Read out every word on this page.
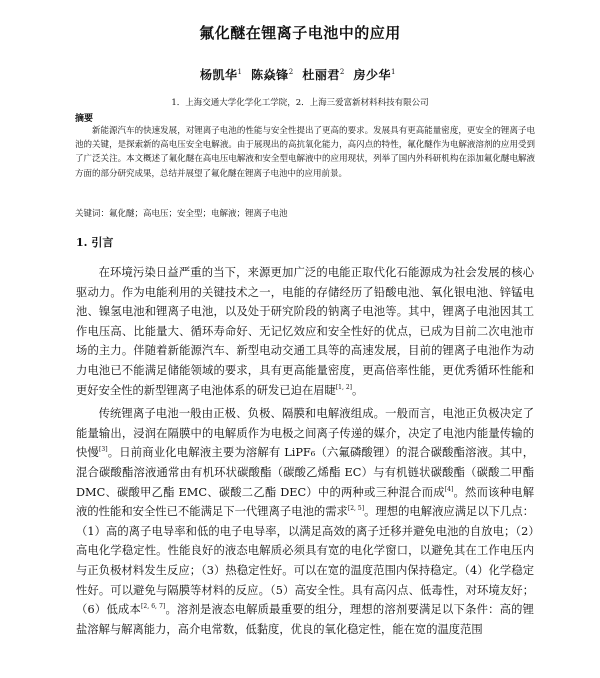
氟化醚在锂离子电池中的应用
杨凯华$^1$ 陈焱锋$^2$ 杜丽君$^2$ 房少华$^1$
1．上海交通大学化学化工学院，2．上海三爱富新材料科技有限公司
摘要
新能源汽车的快速发展，对锂离子电池的性能与安全性提出了更高的要求。发展具有更高能量密度，更安全的锂离子电池的关键，是探索新的高电压安全电解液。由于展现出的高抗氧化能力，高闪点的特性，氟化醚作为电解液溶剂的应用受到了广泛关注。本文概述了氟化醚在高电压电解液和安全型电解液中的应用现状，列举了国内外科研机构在添加氟化醚电解液方面的部分研究成果，总结并展望了氟化醚在锂离子电池中的应用前景。
关键词：氟化醚；高电压；安全型；电解液；锂离子电池
1. 引言

在环境污染日益严重的当下，来源更加广泛的电能正取代化石能源成为社会发展的核心驱动力。作为电能利用的关键技术之一，电能的存储经历了铅酸电池、氧化银电池、锌锰电池、镍氢电池和锂离子电池，以及处于研究阶段的钠离子电池等。其中，锂离子电池因其工作电压高、比能量大、循环寿命好、无记忆效应和安全性好的优点，已成为目前二次电池市场的主力。伴随着新能源汽车、新型电动交通工具等的高速发展，目前的锂离子电池作为动力电池已不能满足储能领域的要求，具有更高能量密度，更高倍率性能，更优秀循环性能和更好安全性的新型锂离子电池体系的研发已迫在眉睫[1, 2]。

传统锂离子电池一般由正极、负极、隔膜和电解液组成。一般而言，电池正负极决定了能量输出，浸润在隔膜中的电解质作为电极之间离子传递的媒介，决定了电池内能量传输的快慢[3]。日前商业化电解液主要为溶解有 LiPF₆（六氟磷酸锂）的混合碳酸酯溶液。其中，混合碳酸酯溶液通常由有机环状碳酸酯（碳酸乙烯酯 EC）与有机链状碳酸酯（碳酸二甲酯 DMC、碳酸甲乙酯 EMC、碳酸二乙酯 DEC）中的两种或三种混合而成[4]。然而该种电解液的性能和安全性已不能满足下一代锂离子电池的需求[2, 5]。理想的电解液应满足以下几点：（1）高的离子电导率和低的电子电导率，以满足高效的离子迁移并避免电池的自放电；（2）高电化学稳定性。性能良好的液态电解质必须具有宽的电化学窗口，以避免其在工作电压内与正负极材料发生反应；（3）热稳定性好。可以在宽的温度范围内保持稳定。（4）化学稳定性好。可以避免与隔膜等材料的反应。（5）高安全性。具有高闪点、低毒性，对环境友好；（6）低成本[2, 6, 7]。溶剂是液态电解质最重要的组分，理想的溶剂要满足以下条件：高的锂盐溶解与解离能力，高介电常数，低黏度，优良的氧化稳定性，能在宽的温度范围
